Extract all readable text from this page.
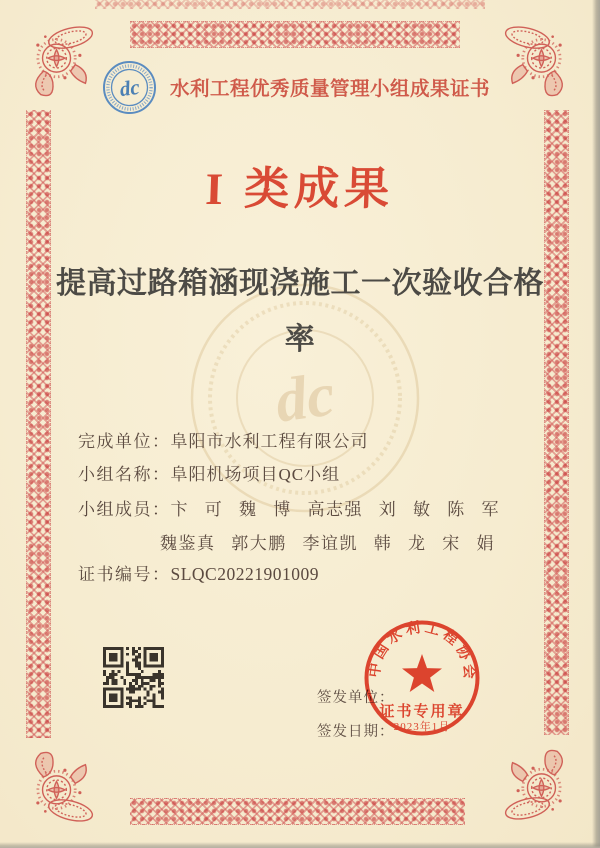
dc 水利工程优秀质量管理小组成果证书
I 类成果
dc
提高过路箱涵现浇施工一次验收合格率
完成单位：阜阳市水利工程有限公司
小组名称：阜阳机场项目QC小组
小组成员：卞 可 魏 博 高志强 刘 敏 陈 军
魏鉴真 郭大鹏 李谊凯 韩 龙 宋 娟
证书编号：SLQC20221901009
签发单位：
签发日期：
中国水利工程协会
证书专用章
2023年1月
